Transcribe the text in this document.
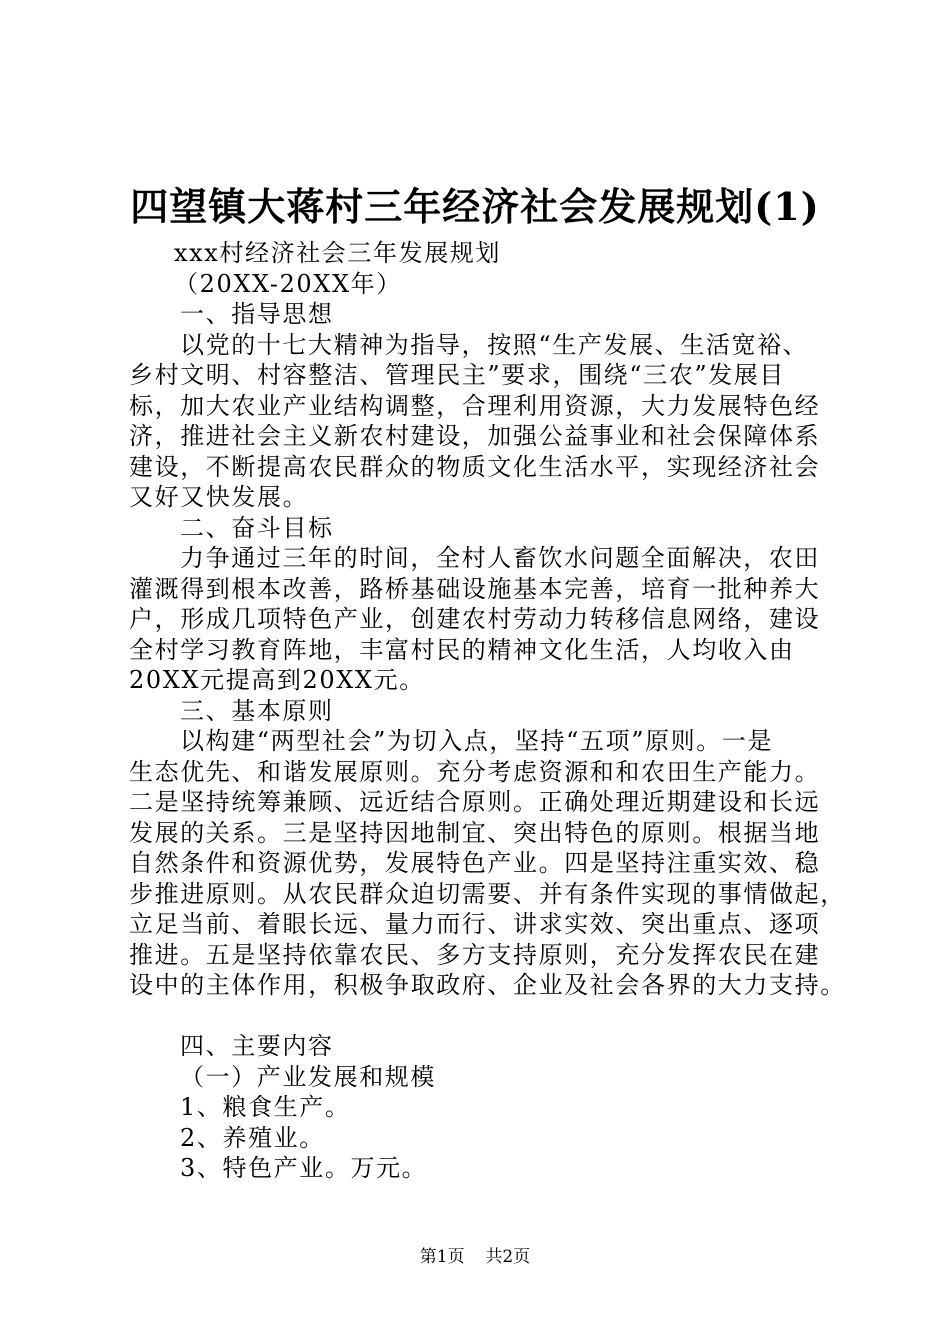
四望镇大蒋村三年经济社会发展规划(1)
xxx村经济社会三年发展规划
（20XX-20XX年）
一、指导思想
以党的十七大精神为指导，按照“生产发展、生活宽裕、
乡村文明、村容整洁、管理民主”要求，围绕“三农”发展目
标，加大农业产业结构调整，合理利用资源，大力发展特色经
济，推进社会主义新农村建设，加强公益事业和社会保障体系
建设，不断提高农民群众的物质文化生活水平，实现经济社会
又好又快发展。
二、奋斗目标
力争通过三年的时间，全村人畜饮水问题全面解决，农田
灌溉得到根本改善，路桥基础设施基本完善，培育一批种养大
户，形成几项特色产业，创建农村劳动力转移信息网络，建设
全村学习教育阵地，丰富村民的精神文化生活，人均收入由
20XX元提高到20XX元。
三、基本原则
以构建“两型社会”为切入点，坚持“五项”原则。一是
生态优先、和谐发展原则。充分考虑资源和和农田生产能力。
二是坚持统筹兼顾、远近结合原则。正确处理近期建设和长远
发展的关系。三是坚持因地制宜、突出特色的原则。根据当地
自然条件和资源优势，发展特色产业。四是坚持注重实效、稳
步推进原则。从农民群众迫切需要、并有条件实现的事情做起，
立足当前、着眼长远、量力而行、讲求实效、突出重点、逐项
推进。五是坚持依靠农民、多方支持原则，充分发挥农民在建
设中的主体作用，积极争取政府、企业及社会各界的大力支持。
四、主要内容
（一）产业发展和规模
1、粮食生产。
2、养殖业。
3、特色产业。万元。
第1页 共2页
